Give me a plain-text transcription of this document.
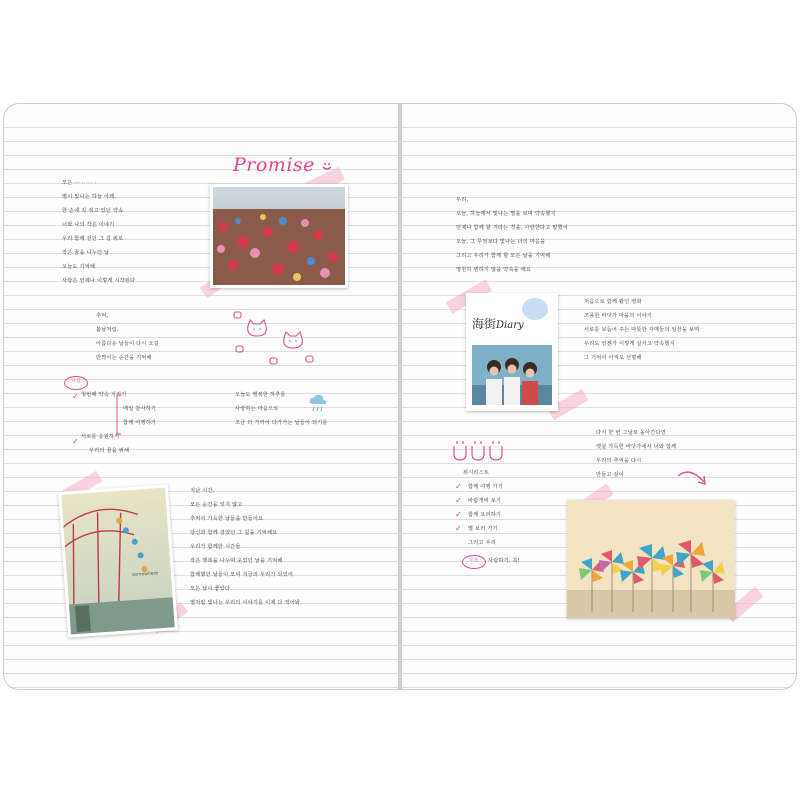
Promise
모든 ··· ·· · · ·
별이 빛나는 하늘 아래,
한 손에 꼭 쥐고 있던 약속
너와 나의 작은 이야기
우리 함께 걷던 그 길 위로
작은 꿈을 나누던 날
오늘도 기억해
사랑은 언제나 이렇게 시작된다
추억,
봄날처럼,
아름다운 날들이 다시 오길
반짝이는 순간을 기억해
다짐
✓
✓
첫번째 약속 지키기
매일 감사하기
함께 여행하기
서로를 응원하기
우리의 꿈을 위해
오늘도 행복한 하루를
사랑하는 마음으로
조금 더 가까이 다가가는 날들이 되기를
somewhere
지난 시간,
모든 순간을 잊지 않고
추억이 가득한 날들을 만들어요
당신과 함께 걸었던 그 길을 기억해요
우리가 함께한 시간들
작은 행복을 나누며 웃었던 날을 기억해
함께했던 날들이 모여 지금의 우리가 되었어
모든 날이 좋았다
별처럼 빛나는 우리의 이야기를 이제 다 적어봐
우리,
오늘, 하늘에서 빛나는 별을 보며 약속했지
언제나 함께 할 거라는 것을, 사랑한다고 말했어
오늘, 그 무엇보다 빛나는 너의 마음을
그리고 우리가 함께 할 모든 날을 기억해
영원히 변하지 않을 약속을 해요
海街Diary
처음으로 함께 봤던 영화
조용한 바닷가 마을의 이야기
서로를 보듬어 주는 따뜻한 자매들의 일상을 보며
우리도 언젠가 이렇게 살자고 약속했지
그 기억이 아직도 선명해
다시 한 번 그날로 돌아간다면
햇살 가득한 바닷가에서 너와 함께
우리의 추억을 다시
만들고 싶어
위시리스트
✓
✓
✓
✓
함께 여행 가기
바람개비 보기
함께 요리하기
별 보러 가기
그리고 우리
오늘	사랑하기, 꼭!
